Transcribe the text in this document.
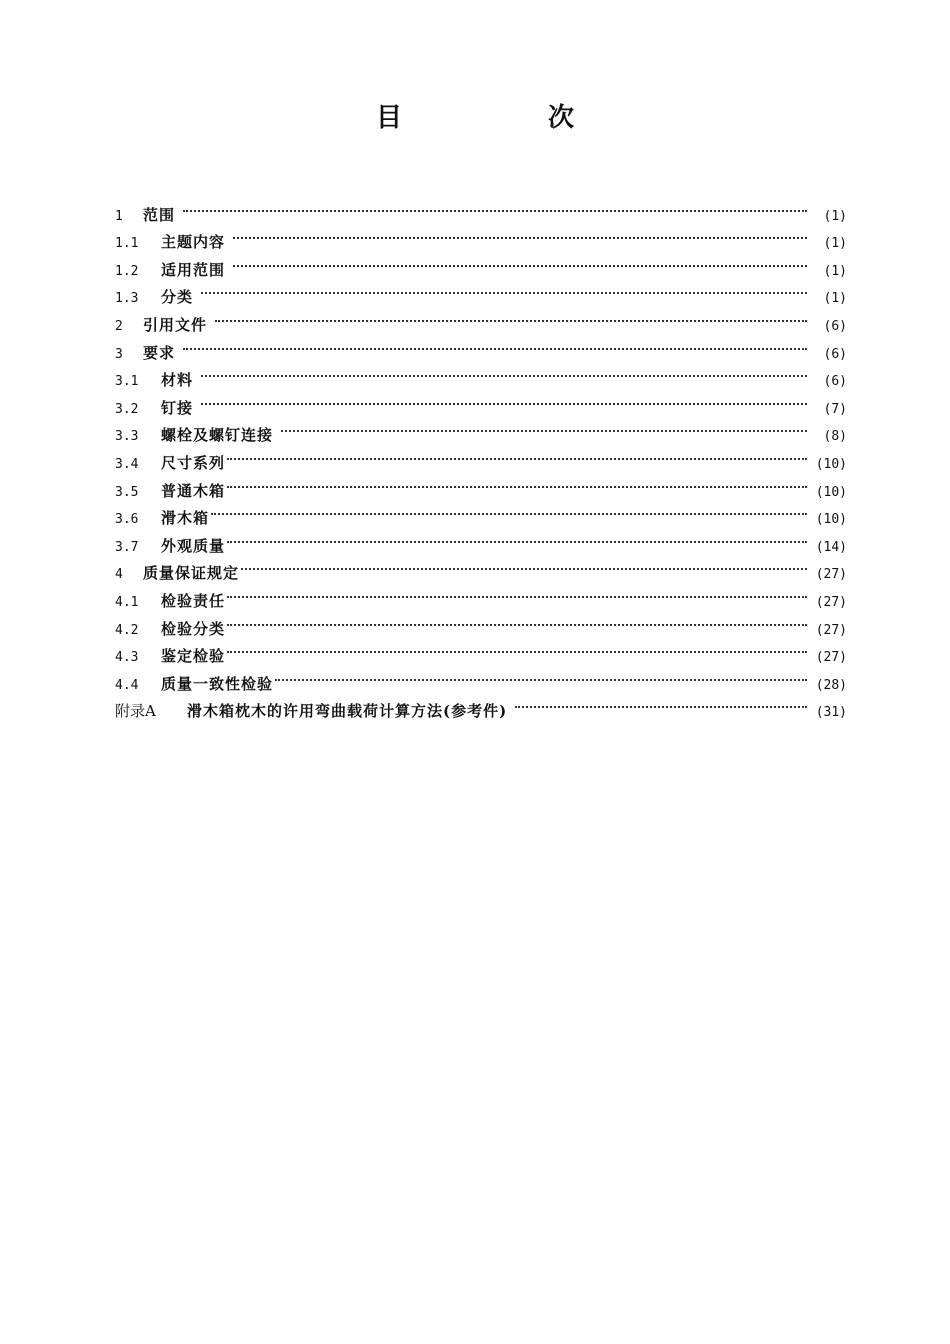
目　次
1	范围	(1)
1.1	主题内容	(1)
1.2	适用范围	(1)
1.3	分类	(1)
2	引用文件	(6)
3	要求	(6)
3.1	材料	(6)
3.2	钉接	(7)
3.3	螺栓及螺钉连接	(8)
3.4	尺寸系列	(10)
3.5	普通木箱	(10)
3.6	滑木箱	(10)
3.7	外观质量	(14)
4	质量保证规定	(27)
4.1	检验责任	(27)
4.2	检验分类	(27)
4.3	鉴定检验	(27)
4.4	质量一致性检验	(28)
附录A	滑木箱枕木的许用弯曲载荷计算方法(参考件)	(31)
